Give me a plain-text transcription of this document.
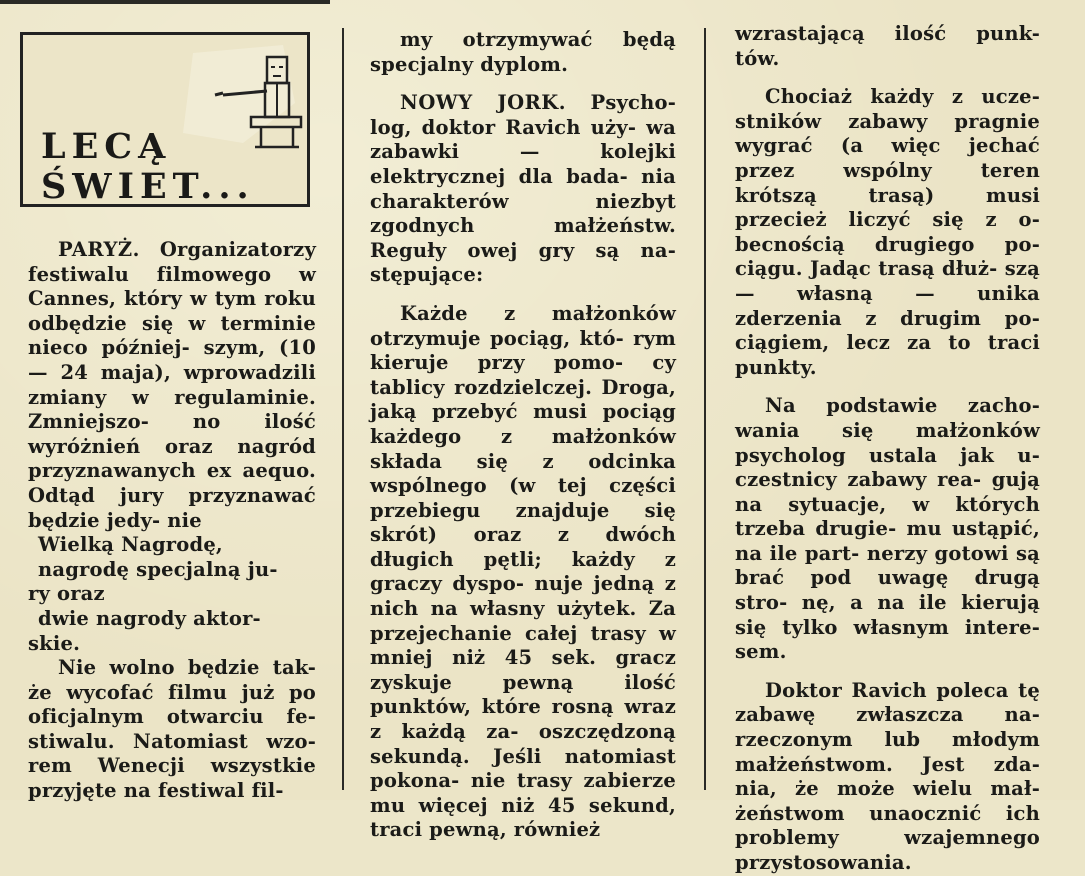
LECĄ
ŚWIET...

PARYŻ. Organizatorzy festiwalu filmowego w Cannes, który w tym roku odbędzie się w terminie nieco później- szym, (10 — 24 maja), wprowadzili zmiany w regulaminie. Zmniejszo- no ilość wyróżnień oraz nagród przyznawanych ex aequo. Odtąd jury przyznawać będzie jedy- nie

Wielką Nagrodę,

nagrodę specjalną ju-

ry oraz

dwie nagrody aktor-

skie.

Nie wolno będzie tak- że wycofać filmu już po oficjalnym otwarciu fe- stiwalu. Natomiast wzo- rem Wenecji wszystkie przyjęte na festiwal fil-

my otrzymywać będą specjalny dyplom.

NOWY JORK. Psycho- log, doktor Ravich uży- wa zabawki — kolejki elektrycznej dla bada- nia charakterów niezbyt zgodnych małżeństw. Reguły owej gry są na- stępujące:

Każde z małżonków otrzymuje pociąg, któ- rym kieruje przy pomo- cy tablicy rozdzielczej. Droga, jaką przebyć musi pociąg każdego z małżonków składa się z odcinka wspólnego (w tej części przebiegu znajduje się skrót) oraz z dwóch długich pętli; każdy z graczy dyspo- nuje jedną z nich na własny użytek. Za przejechanie całej trasy w mniej niż 45 sek. gracz zyskuje pewną ilość punktów, które rosną wraz z każdą za- oszczędzoną sekundą. Jeśli natomiast pokona- nie trasy zabierze mu więcej niż 45 sekund, traci pewną, również

wzrastającą ilość punk- tów.

Chociaż każdy z ucze- stników zabawy pragnie wygrać (a więc jechać przez wspólny teren krótszą trasą) musi przecież liczyć się z o- becnością drugiego po- ciągu. Jadąc trasą dłuż- szą — własną — unika zderzenia z drugim po- ciągiem, lecz za to traci punkty.

Na podstawie zacho- wania się małżonków psycholog ustala jak u- czestnicy zabawy rea- gują na sytuacje, w których trzeba drugie- mu ustąpić, na ile part- nerzy gotowi są brać pod uwagę drugą stro- nę, a na ile kierują się tylko własnym intere- sem.

Doktor Ravich poleca tę zabawę zwłaszcza na- rzeczonym lub młodym małżeństwom. Jest zda- nia, że może wielu mał- żeństwom unaocznić ich problemy wzajemnego przystosowania.
